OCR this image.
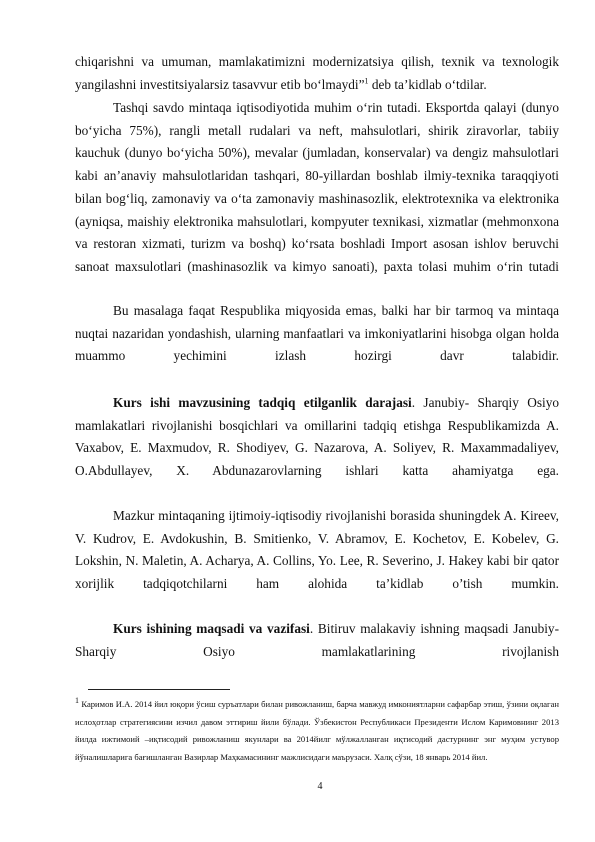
chiqarishni va umuman, mamlakatimizni modernizatsiya qilish, texnik va texnologik

yangilashni investitsiyalarsiz tasavvur etib bo‘lmaydi”$^1$ deb ta’kidlab o‘tdilar.

Tashqi savdo mintaqa iqtisodiyotida muhim o‘rin tutadi. Eksportda qalayi (dunyo bo‘yicha 75%), rangli metall rudalari va neft, mahsulotlari, shirik ziravorlar, tabiiy kauchuk (dunyo bo‘yicha 50%), mevalar (jumladan, konservalar) va dengiz mahsulotlari kabi an’anaviy mahsulotlaridan tashqari, 80-yillardan boshlab ilmiy-texnika taraqqiyoti bilan bog‘liq, zamonaviy va o‘ta zamonaviy mashinasozlik, elektrotexnika va elektronika (ayniqsa, maishiy elektronika mahsulotlari, kompyuter texnikasi, xizmatlar (mehmonxona va restoran xizmati, turizm va boshq) ko‘rsata boshladi Import asosan ishlov beruvchi sanoat maxsulotlari (mashinasozlik va kimyo sanoati), paxta tolasi muhim o‘rin tutadi

Bu masalaga faqat Respublika miqyosida emas, balki har bir tarmoq va mintaqa nuqtai nazaridan yondashish, ularning manfaatlari va imkoniyatlarini hisobga olgan holda muammo yechimini izlash hozirgi davr talabidir.

Kurs ishi mavzusining tadqiq etilganlik darajasi. Janubiy- Sharqiy Osiyo mamlakatlari rivojlanishi bosqichlari va omillarini tadqiq etishga Respublikamizda A. Vaxabov, E. Maxmudov, R. Shodiyev, G. Nazarova, A. Soliyev, R. Maxammadaliyev, O.Abdullayev, X. Abdunazarovlarning ishlari katta ahamiyatga ega.

Mazkur mintaqaning ijtimoiy-iqtisodiy rivojlanishi borasida shuningdek A. Kireev, V. Kudrov, E. Avdokushin, B. Smitienko, V. Abramov, E. Kochetov, E. Kobelev, G. Lokshin, N. Maletin, A. Acharya, A. Collins, Yo. Lee, R. Severino, J. Hakey kabi bir qator xorijlik tadqiqotchilarni ham alohida ta’kidlab o’tish mumkin.

Kurs ishining maqsadi va vazifasi. Bitiruv malakaviy ishning maqsadi Janubiy-Sharqiy Osiyo mamlakatlarining rivojlanish

$^1$ Каримов И.А. 2014 йил юқори ўсиш суръатлари билан ривожланиш, барча мавжуд имкониятларни сафарбар этиш, ўзини оқлаган ислоҳотлар стратегиясини изчил давом эттириш йили бўлади. Ўзбекистон Республикаси Президенти Ислом Каримовнинг 2013 йилда ижтимоий –иқтисодий ривожланиш якунлари ва 2014йилг мўлжалланган иқтисодий дастурнинг энг муҳим устувор йўналишларига бағишланган Вазирлар Маҳкамасининг мажлисидаги маърузаси. Халқ сўзи, 18 январь 2014 йил.

4
